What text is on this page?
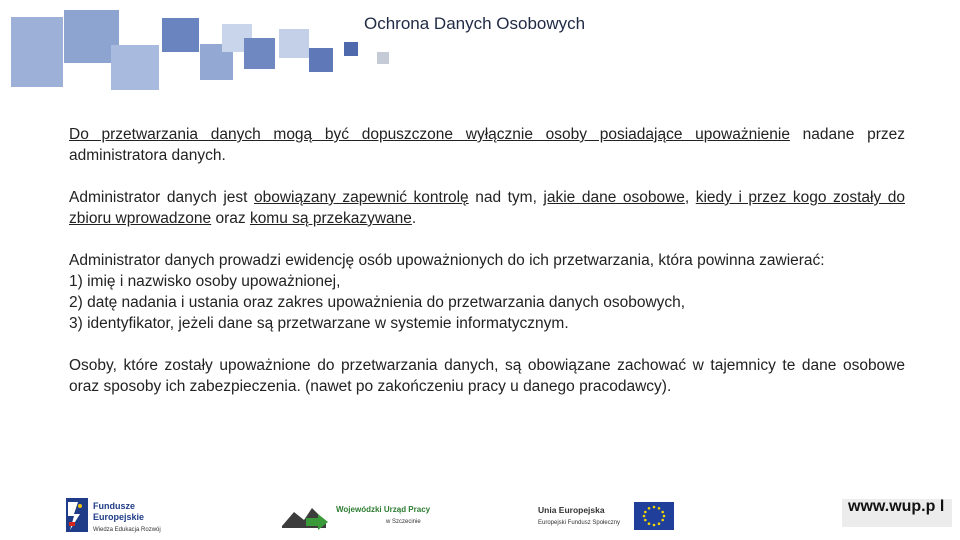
Ochrona Danych Osobowych

Do przetwarzania danych mogą być dopuszczone wyłącznie osoby posiadające upoważnienie nadane przez administratora danych.

Administrator danych jest obowiązany zapewnić kontrolę nad tym, jakie dane osobowe, kiedy i przez kogo zostały do zbioru wprowadzone oraz komu są przekazywane.

Administrator danych prowadzi ewidencję osób upoważnionych do ich przetwarzania, która powinna zawierać:
1) imię i nazwisko osoby upoważnionej,
2) datę nadania i ustania oraz zakres upoważnienia do przetwarzania danych osobowych,
3) identyfikator, jeżeli dane są przetwarzane w systemie informatycznym.

Osoby, które zostały upoważnione do przetwarzania danych, są obowiązane zachować w tajemnicy te dane osobowe oraz sposoby ich zabezpieczenia. (nawet po zakończeniu pracy u danego pracodawcy).

Fundusze
Europejskie
Wiedza Edukacja Rozwój
Wojewódzki Urząd Pracy
w Szczecinie
Unia Europejska
Europejski Fundusz Społeczny
www.wup.p l
